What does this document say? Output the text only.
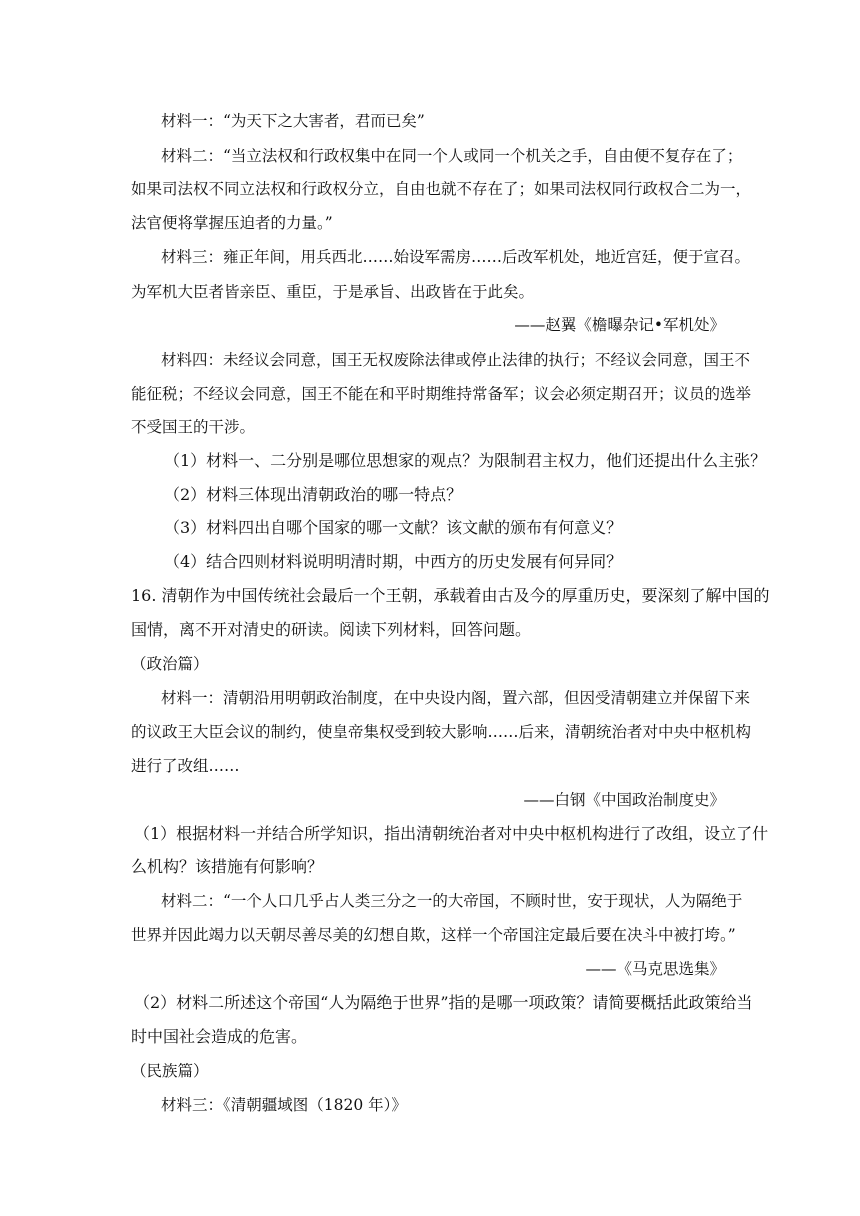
材料一：“为天下之大害者，君而已矣”
材料二：“当立法权和行政权集中在同一个人或同一个机关之手，自由便不复存在了；
如果司法权不同立法权和行政权分立，自由也就不存在了；如果司法权同行政权合二为一，
法官便将掌握压迫者的力量。”
材料三：雍正年间，用兵西北……始设军需房……后改军机处，地近宫廷，便于宣召。
为军机大臣者皆亲臣、重臣，于是承旨、出政皆在于此矣。
——赵翼《檐曝杂记•军机处》
材料四：未经议会同意，国王无权废除法律或停止法律的执行；不经议会同意，国王不
能征税；不经议会同意，国王不能在和平时期维持常备军；议会必须定期召开；议员的选举
不受国王的干涉。
（1）材料一、二分别是哪位思想家的观点？为限制君主权力，他们还提出什么主张？
（2）材料三体现出清朝政治的哪一特点？
（3）材料四出自哪个国家的哪一文献？该文献的颁布有何意义？
（4）结合四则材料说明明清时期，中西方的历史发展有何异同？
16. 清朝作为中国传统社会最后一个王朝，承载着由古及今的厚重历史，要深刻了解中国的
国情，离不开对清史的研读。阅读下列材料，回答问题。
（政治篇）
材料一：清朝沿用明朝政治制度，在中央设内阁，置六部，但因受清朝建立并保留下来
的议政王大臣会议的制约，使皇帝集权受到较大影响……后来，清朝统治者对中央中枢机构
进行了改组……
——白钢《中国政治制度史》
（1）根据材料一并结合所学知识，指出清朝统治者对中央中枢机构进行了改组，设立了什
么机构？该措施有何影响？
材料二：“一个人口几乎占人类三分之一的大帝国，不顾时世，安于现状，人为隔绝于
世界并因此竭力以天朝尽善尽美的幻想自欺，这样一个帝国注定最后要在决斗中被打垮。”
——《马克思选集》
（2）材料二所述这个帝国“人为隔绝于世界”指的是哪一项政策？请简要概括此政策给当
时中国社会造成的危害。
（民族篇）
材料三：《清朝疆域图（1820 年）》
